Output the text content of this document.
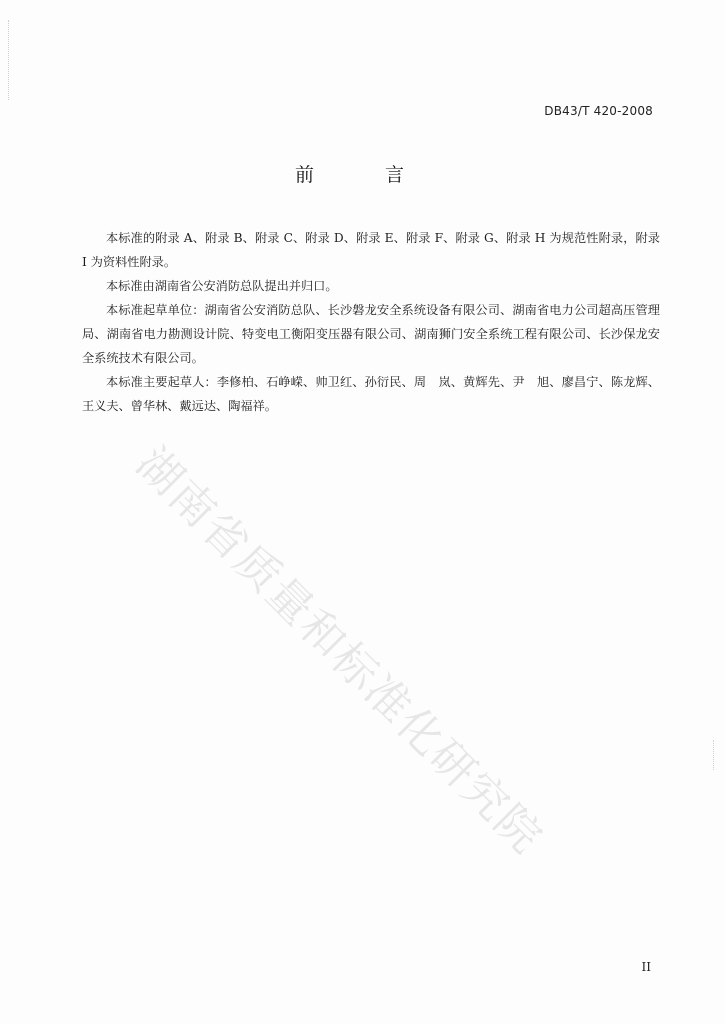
DB43/T 420-2008
前　言

本标准的附录 A、附录 B、附录 C、附录 D、附录 E、附录 F、附录 G、附录 H 为规范性附录，附录 I 为资料性附录。

本标准由湖南省公安消防总队提出并归口。

本标准起草单位：湖南省公安消防总队、长沙磐龙安全系统设备有限公司、湖南省电力公司超高压管理局、湖南省电力勘测设计院、特变电工衡阳变压器有限公司、湖南狮门安全系统工程有限公司、长沙保龙安全系统技术有限公司。

本标准主要起草人：李修柏、石峥嵘、帅卫红、孙衍民、周　岚、黄辉先、尹　旭、廖昌宁、陈龙辉、王义夫、曾华林、戴远达、陶福祥。

湖南省质量和标准化研究院
II
